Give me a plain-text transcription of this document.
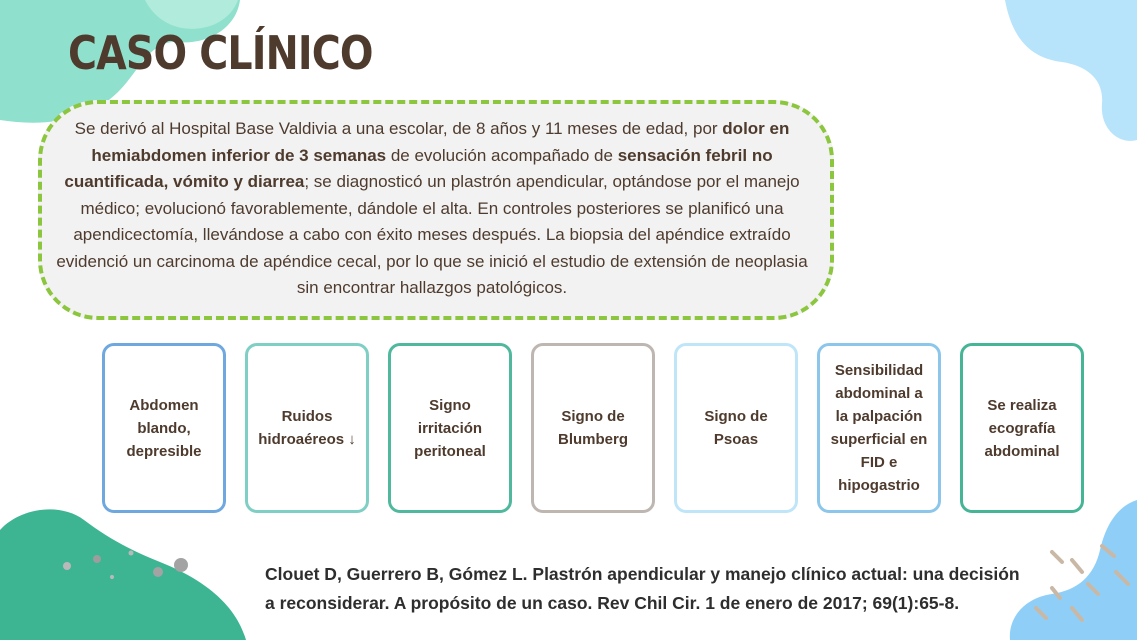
CASO CLÍNICO
Se derivó al Hospital Base Valdivia a una escolar, de 8 años y 11 meses de edad, por dolor en hemiabdomen inferior de 3 semanas de evolución acompañado de sensación febril no cuantificada, vómito y diarrea; se diagnosticó un plastrón apendicular, optándose por el manejo médico; evolucionó favorablemente, dándole el alta. En controles posteriores se planificó una apendicectomía, llevándose a cabo con éxito meses después. La biopsia del apéndice extraído evidenció un carcinoma de apéndice cecal, por lo que se inició el estudio de extensión de neoplasia sin encontrar hallazgos patológicos.
Abdomen blando, depresible
Ruidos hidroaéreos ↓
Signo irritación peritoneal
Signo de Blumberg
Signo de Psoas
Sensibilidad abdominal a la palpación superficial en FID e hipogastrio
Se realiza ecografía abdominal
Clouet D, Guerrero B, Gómez L. Plastrón apendicular y manejo clínico actual: una decisión a reconsiderar. A propósito de un caso. Rev Chil Cir. 1 de enero de 2017; 69(1):65-8.
